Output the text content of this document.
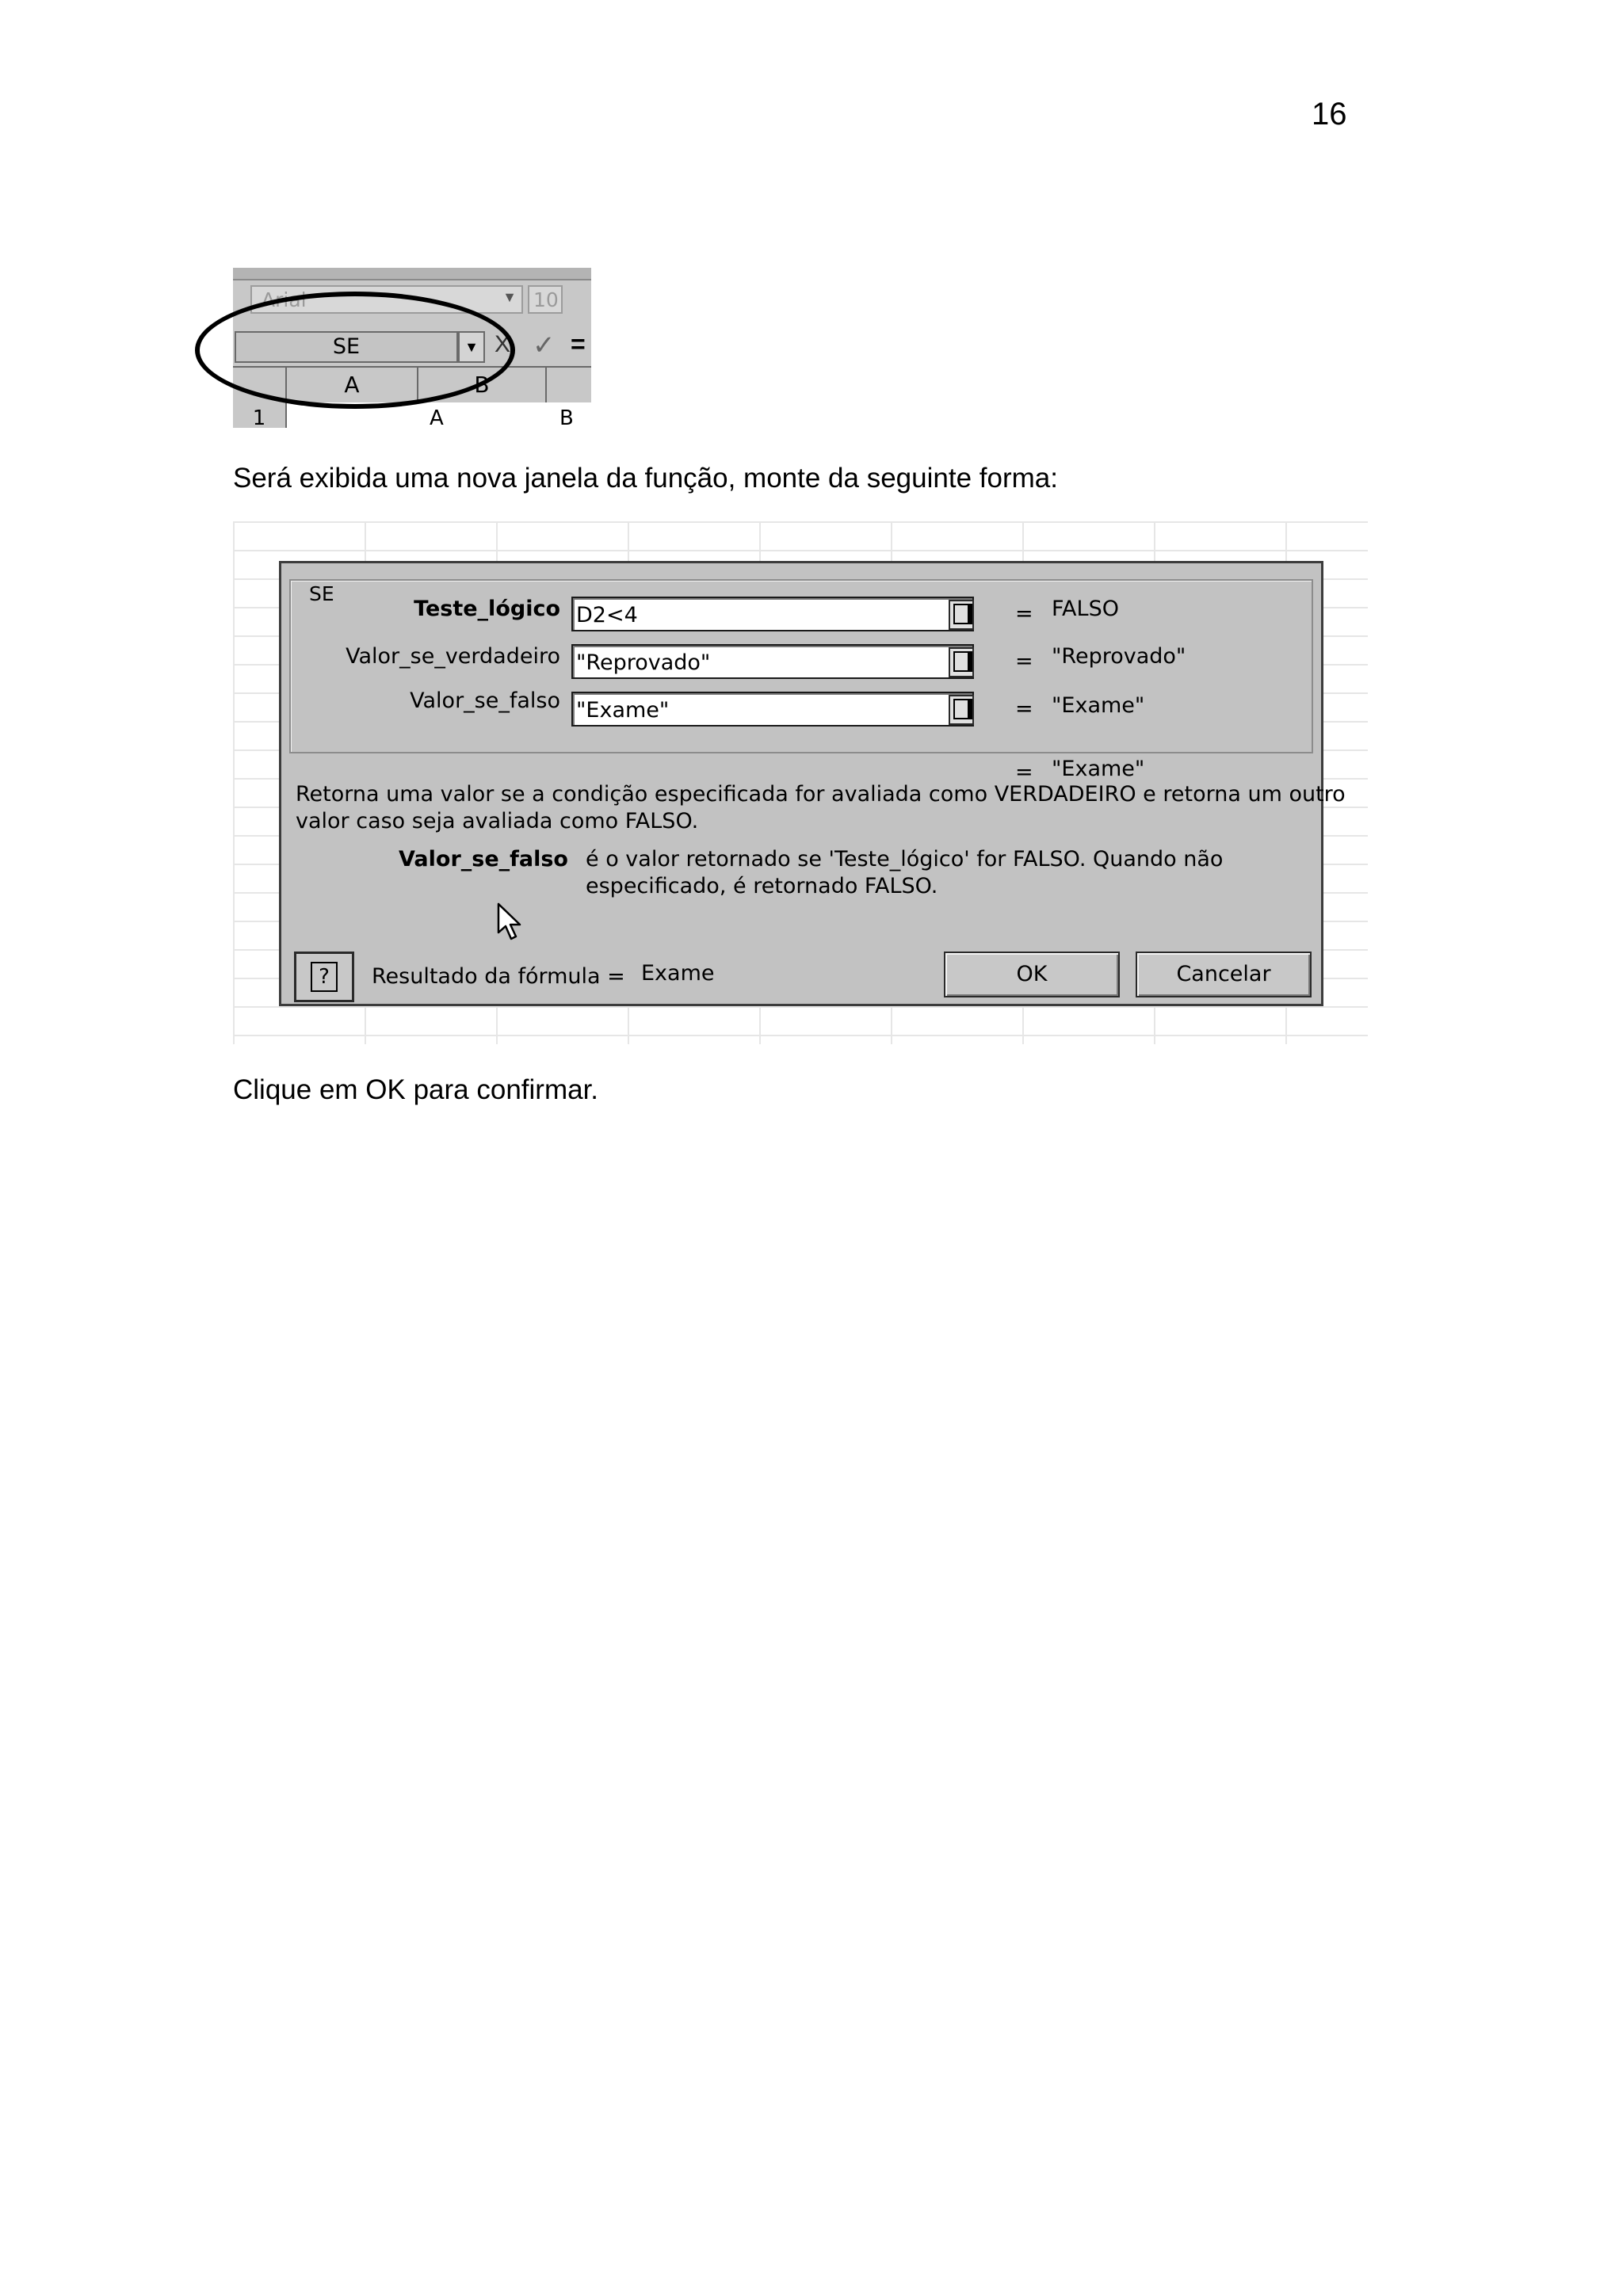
16
Arial	▼ 10
SE	▼ X ✓ =
A	B
1	A	B
Será exibida uma nova janela da função, monte da seguinte forma:
SE
Teste_lógico D2<4	= FALSO
Valor_se_verdadeiro "Reprovado"	= "Reprovado"
Valor_se_falso "Exame"	= "Exame"
= "Exame"
Retorna uma valor se a condição especificada for avaliada como VERDADEIRO e retorna um outro
valor caso seja avaliada como FALSO.
Valor_se_falso é o valor retornado se 'Teste_lógico' for FALSO. Quando não
especificado, é retornado FALSO.
?	Resultado da fórmula = Exame	OK	Cancelar
Clique em OK para confirmar.
